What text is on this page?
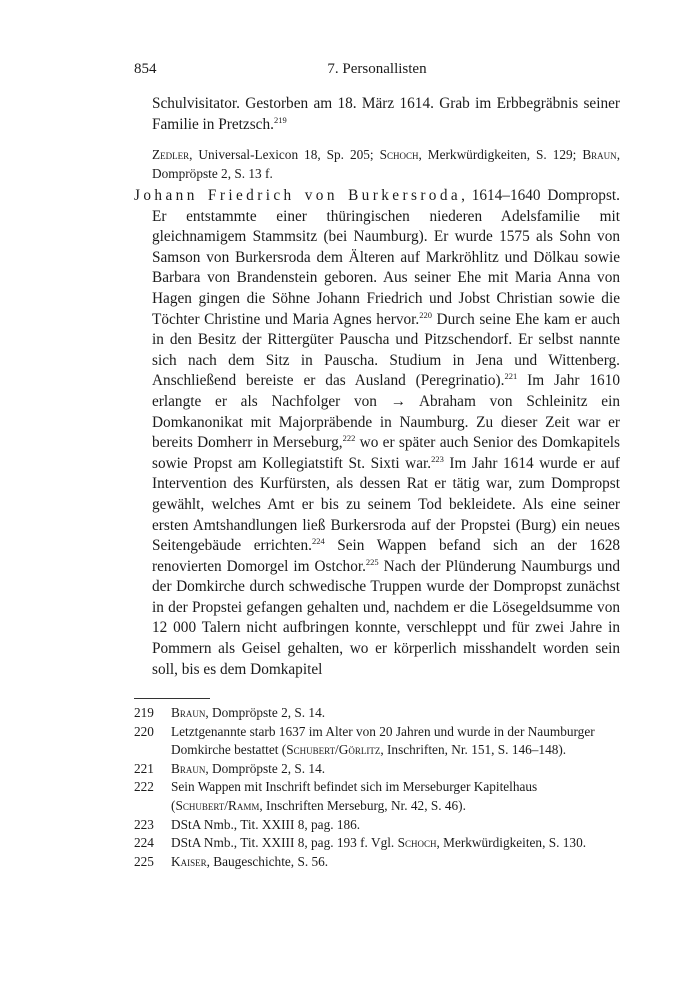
854	7. Personallisten

Schulvisitator. Gestorben am 18. März 1614. Grab im Erbbegräbnis seiner Familie in Pretzsch.$^{219}$

Zedler, Universal-Lexicon 18, Sp. 205; Schoch, Merkwürdigkeiten, S. 129; Braun, Dompröpste 2, S. 13 f.

Johann Friedrich von Burkersroda, 1614–1640 Dompropst. Er entstammte einer thüringischen niederen Adelsfamilie mit gleichnamigem Stammsitz (bei Naumburg). Er wurde 1575 als Sohn von Samson von Burkersroda dem Älteren auf Markröhlitz und Dölkau sowie Barbara von Brandenstein geboren. Aus seiner Ehe mit Maria Anna von Hagen gingen die Söhne Johann Friedrich und Jobst Christian sowie die Töchter Christine und Maria Agnes hervor.$^{220}$ Durch seine Ehe kam er auch in den Besitz der Rittergüter Pauscha und Pitzschendorf. Er selbst nannte sich nach dem Sitz in Pauscha. Studium in Jena und Wittenberg. Anschließend bereiste er das Ausland (Peregrinatio).$^{221}$ Im Jahr 1610 erlangte er als Nachfolger von → Abraham von Schleinitz ein Domkanonikat mit Majorpräbende in Naumburg. Zu dieser Zeit war er bereits Domherr in Merseburg,$^{222}$ wo er später auch Senior des Domkapitels sowie Propst am Kollegiatstift St. Sixti war.$^{223}$ Im Jahr 1614 wurde er auf Intervention des Kurfürsten, als dessen Rat er tätig war, zum Dompropst gewählt, welches Amt er bis zu seinem Tod bekleidete. Als eine seiner ersten Amtshandlungen ließ Burkersroda auf der Propstei (Burg) ein neues Seitengebäude errichten.$^{224}$ Sein Wappen befand sich an der 1628 renovierten Domorgel im Ostchor.$^{225}$ Nach der Plünderung Naumburgs und der Domkirche durch schwedische Truppen wurde der Dompropst zunächst in der Propstei gefangen gehalten und, nachdem er die Lösegeldsumme von 12 000 Talern nicht aufbringen konnte, verschleppt und für zwei Jahre in Pommern als Geisel gehalten, wo er körperlich misshandelt worden sein soll, bis es dem Domkapitel

219	Braun, Dompröpste 2, S. 14.
220	Letztgenannte starb 1637 im Alter von 20 Jahren und wurde in der Naumburger Domkirche bestattet (Schubert/Görlitz, Inschriften, Nr. 151, S. 146–148).
221	Braun, Dompröpste 2, S. 14.
222	Sein Wappen mit Inschrift befindet sich im Merseburger Kapitelhaus (Schubert/Ramm, Inschriften Merseburg, Nr. 42, S. 46).
223	DStA Nmb., Tit. XXIII 8, pag. 186.
224	DStA Nmb., Tit. XXIII 8, pag. 193 f. Vgl. Schoch, Merkwürdigkeiten, S. 130.
225	Kaiser, Baugeschichte, S. 56.
